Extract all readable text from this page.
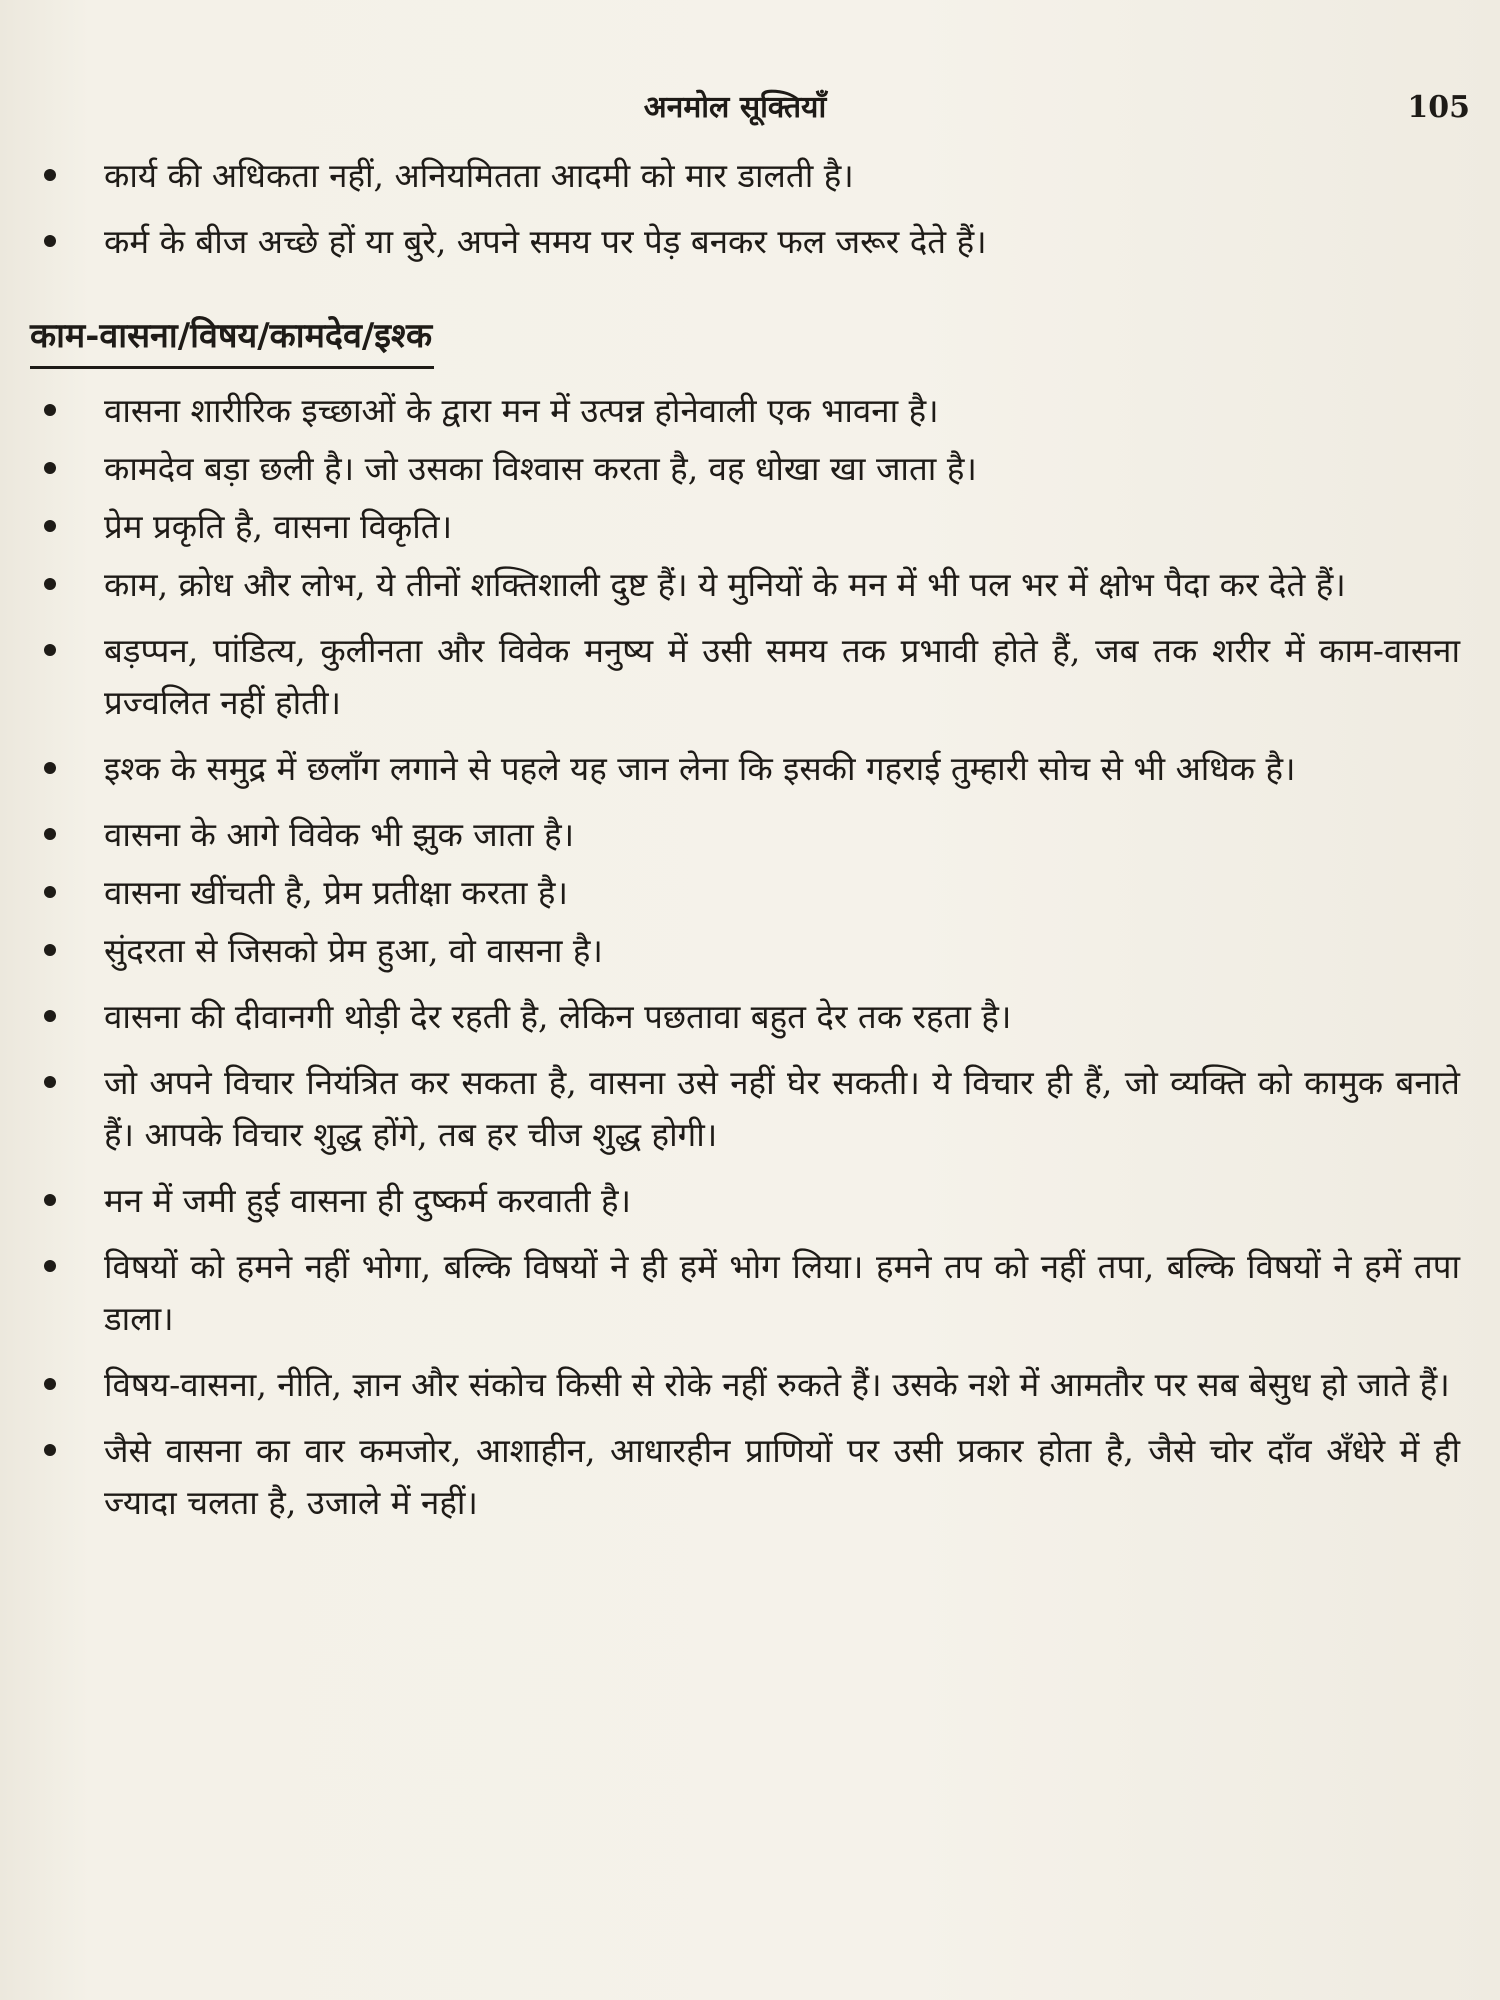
अनमोल सूक्तियाँ	105
कार्य की अधिकता नहीं, अनियमितता आदमी को मार डालती है।
कर्म के बीज अच्छे हों या बुरे, अपने समय पर पेड़ बनकर फल जरूर देते हैं।
काम-वासना/विषय/कामदेव/इश्क
वासना शारीरिक इच्छाओं के द्वारा मन में उत्पन्न होनेवाली एक भावना है।
कामदेव बड़ा छली है। जो उसका विश्वास करता है, वह धोखा खा जाता है।
प्रेम प्रकृति है, वासना विकृति।
काम, क्रोध और लोभ, ये तीनों शक्तिशाली दुष्ट हैं। ये मुनियों के मन में भी पल भर में क्षोभ पैदा कर देते हैं।
बड़प्पन, पांडित्य, कुलीनता और विवेक मनुष्य में उसी समय तक प्रभावी होते हैं, जब तक शरीर में काम-वासना प्रज्वलित नहीं होती।
इश्क के समुद्र में छलाँग लगाने से पहले यह जान लेना कि इसकी गहराई तुम्हारी सोच से भी अधिक है।
वासना के आगे विवेक भी झुक जाता है।
वासना खींचती है, प्रेम प्रतीक्षा करता है।
सुंदरता से जिसको प्रेम हुआ, वो वासना है।
वासना की दीवानगी थोड़ी देर रहती है, लेकिन पछतावा बहुत देर तक रहता है।
जो अपने विचार नियंत्रित कर सकता है, वासना उसे नहीं घेर सकती। ये विचार ही हैं, जो व्यक्ति को कामुक बनाते हैं। आपके विचार शुद्ध होंगे, तब हर चीज शुद्ध होगी।
मन में जमी हुई वासना ही दुष्कर्म करवाती है।
विषयों को हमने नहीं भोगा, बल्कि विषयों ने ही हमें भोग लिया। हमने तप को नहीं तपा, बल्कि विषयों ने हमें तपा डाला।
विषय-वासना, नीति, ज्ञान और संकोच किसी से रोके नहीं रुकते हैं। उसके नशे में आमतौर पर सब बेसुध हो जाते हैं।
जैसे वासना का वार कमजोर, आशाहीन, आधारहीन प्राणियों पर उसी प्रकार होता है, जैसे चोर दाँव अँधेरे में ही ज्यादा चलता है, उजाले में नहीं।
